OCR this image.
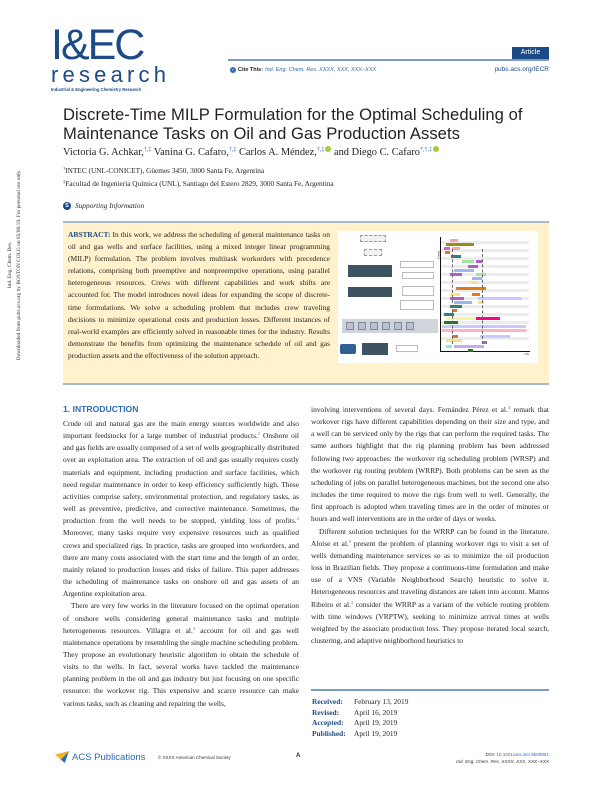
Ind. Eng. Chem. Res. Downloaded from pubs.acs.org by BOSTON COLG on 05/06/19. For personal use only.
I&EC
research
Industrial & Engineering Chemistry Research
Article
✓ Cite This: Ind. Eng. Chem. Res. XXXX, XXX, XXX−XXX	pubs.acs.org/IECR
Discrete-Time MILP Formulation for the Optimal Scheduling of Maintenance Tasks on Oil and Gas Production Assets
Victoria G. Achkar,†,‡ Vanina G. Cafaro,†,‡ Carlos A. Méndez,†,‡ and Diego C. Cafaro*,†,‡
†INTEC (UNL-CONICET), Güemes 3450, 3000 Santa Fe, Argentina
‡Facultad de Ingeniería Química (UNL), Santiago del Estero 2829, 3000 Santa Fe, Argentina
S Supporting Information
ABSTRACT: In this work, we address the scheduling of general maintenance tasks on oil and gas wells and surface facilities, using a mixed integer linear programming (MILP) formulation. The problem involves multitask workorders with precedence relations, comprising both preemptive and nonpreemptive operations, using parallel heterogeneous resources. Crews with different capabilities and work shifts are accounted for. The model introduces novel ideas for expanding the scope of discrete-time formulations. We solve a scheduling problem that includes crew traveling decisions to minimize operational costs and production losses. Different instances of real-world examples are efficiently solved in reasonable times for the industry. Results demonstrate the benefits from optimizing the maintenance schedule of oil and gas production assets and the effectiveness of the solution approach.
Crews
t (h)
1. INTRODUCTION

Crude oil and natural gas are the main energy sources worldwide and also important feedstocks for a large number of industrial products.$^1$ Onshore oil and gas fields are usually composed of a set of wells geographically distributed over an exploitation area. The extraction of oil and gas usually requires costly materials and equipment, including production and surface facilities, which need regular maintenance in order to keep efficiency sufficiently high. These activities comprise safety, environmental protection, and regulatory tasks, as well as preventive, predictive, and corrective maintenance. Sometimes, the production from the well needs to be stopped, yielding loss of profits.$^2$ Moreover, many tasks require very expensive resources such as qualified crews and specialized rigs. In practice, tasks are grouped into workorders, and there are many costs associated with the start time and the length of an order, mainly related to production losses and risks of failure. This paper addresses the scheduling of maintenance tasks on onshore oil and gas assets of an Argentine exploitation area.

There are very few works in the literature focused on the optimal operation of onshore wells considering general maintenance tasks and multiple heterogeneous resources. Villagra et al.$^3$ account for oil and gas well maintenance operations by resembling the single machine scheduling problem. They propose an evolutionary heuristic algorithm to obtain the schedule of visits to the wells. In fact, several works have tackled the maintenance planning problem in the oil and gas industry but just focusing on one specific resource: the workover rig. This expensive and scarce resource can make various tasks, such as cleaning and repairing the wells,

involving interventions of several days. Fernández Pérez et al.$^4$ remark that workover rigs have different capabilities depending on their size and type, and a well can be serviced only by the rigs that can perform the required tasks. The same authors highlight that the rig planning problem has been addressed following two approaches: the workover rig scheduling problem (WRSP) and the workover rig routing problem (WRRP). Both problems can be seen as the scheduling of jobs on parallel heterogeneous machines, but the second one also includes the time required to move the rigs from well to well. Generally, the first approach is adopted when traveling times are in the order of minutes or hours and well interventions are in the order of days or weeks.

Different solution techniques for the WRRP can be found in the literature. Aloise et al.$^5$ present the problem of planning workover rigs to visit a set of wells demanding maintenance services so as to minimize the oil production loss in Brazilian fields. They propose a continuous-time formulation and make use of a VNS (Variable Neighborhood Search) heuristic to solve it. Heterogeneous resources and traveling distances are taken into account. Mattos Ribeiro et al.$^2$ consider the WRRP as a variant of the vehicle routing problem with time windows (VRPTW), seeking to minimize arrival times at wells weighted by the associate production loss. They propose iterated local search, clustering, and adaptive neighborhood heuristics to

Received:	February 13, 2019
Revised:	April 16, 2019
Accepted:	April 19, 2019
Published:	April 19, 2019
ACS Publications	© XXXX American Chemical Society	A	DOI: 10.1021/acs.iecr.9b00861
Ind. Eng. Chem. Res. XXXX, XXX, XXX−XXX
